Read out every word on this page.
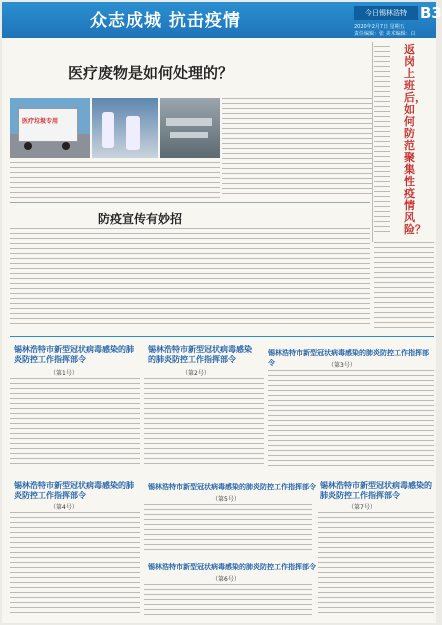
众志成城 抗击疫情	今日锡林浩特 B3
2020年2月7日 星期五
责任编辑：张 美术编辑：白
医疗废物是如何处理的？
医疗垃圾专用
返岗上班后，如何防范聚集性疫情风险？
防疫宣传有妙招
锡林浩特市新型冠状病毒感染的肺炎防控工作指挥部令
（第1号）
锡林浩特市新型冠状病毒感染的肺炎防控工作指挥部令
（第2号）
锡林浩特市新型冠状病毒感染的肺炎防控工作指挥部令	（第3号）
锡林浩特市新型冠状病毒感染的肺炎防控工作指挥部令
（第4号）
锡林浩特市新型冠状病毒感染的肺炎防控工作指挥部令
（第5号）
锡林浩特市新型冠状病毒感染的肺炎防控工作指挥部令
（第6号）
锡林浩特市新型冠状病毒感染的肺炎防控工作指挥部令
（第7号）
